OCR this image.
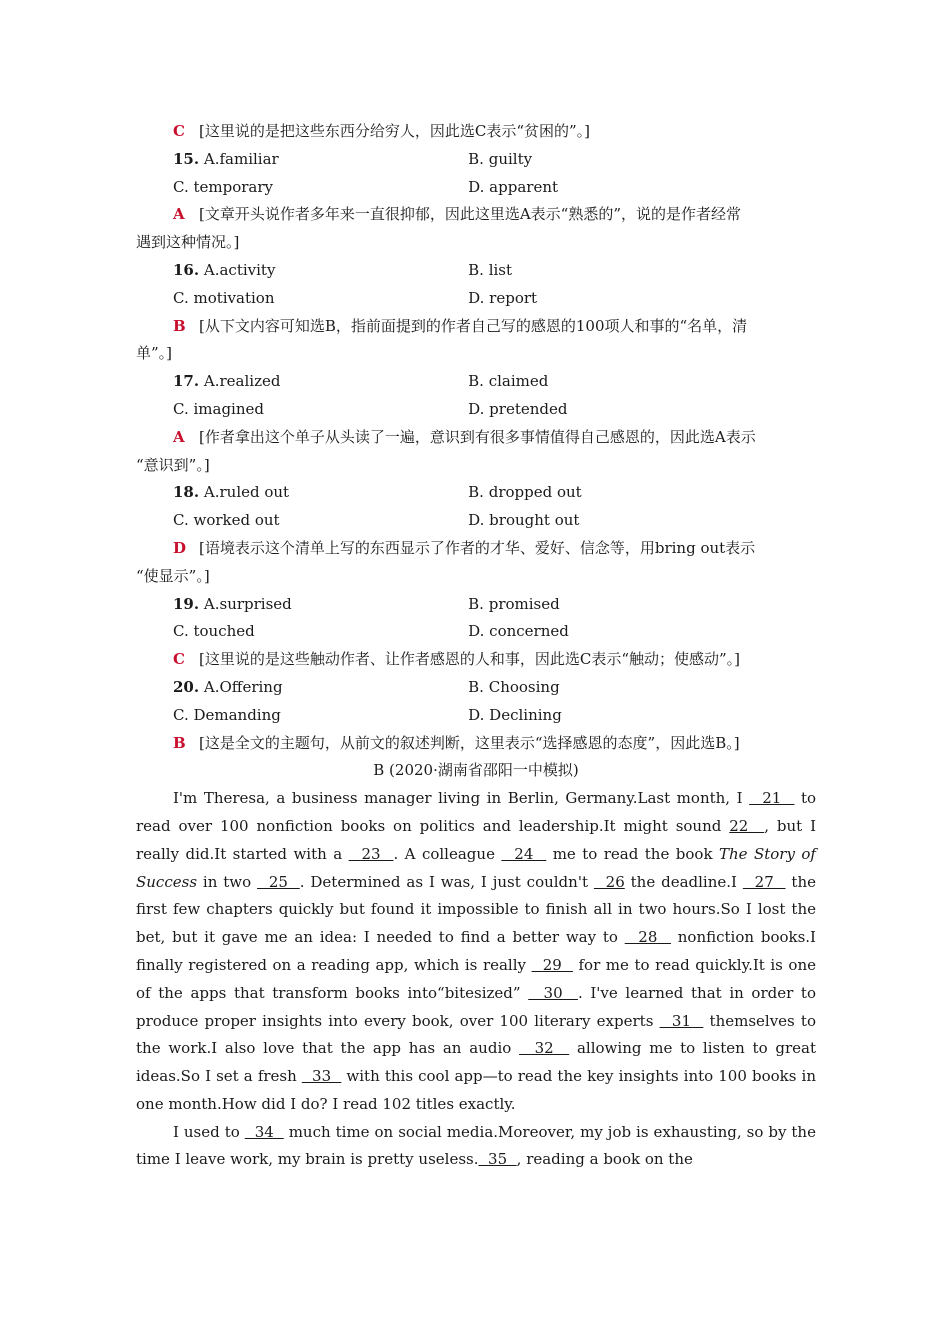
C [这里说的是把这些东西分给穷人，因此选C表示“贫困的”。]
15. A.familiar	B. guilty
C. temporary	D. apparent
A [文章开头说作者多年来一直很抑郁，因此这里选A表示“熟悉的”，说的是作者经常
遇到这种情况。]
16. A.activity	B. list
C. motivation	D. report
B [从下文内容可知选B，指前面提到的作者自己写的感恩的100项人和事的“名单，清
单”。]
17. A.realized	B. claimed
C. imagined	D. pretended
A [作者拿出这个单子从头读了一遍，意识到有很多事情值得自己感恩的，因此选A表示
“意识到”。]
18. A.ruled out	B. dropped out
C. worked out	D. brought out
D [语境表示这个清单上写的东西显示了作者的才华、爱好、信念等，用bring out表示
“使显示”。]
19. A.surprised	B. promised
C. touched	D. concerned
C [这里说的是这些触动作者、让作者感恩的人和事，因此选C表示“触动；使感动”。]
20. A.Offering	B. Choosing
C. Demanding	D. Declining
B [这是全文的主题句，从前文的叙述判断，这里表示“选择感恩的态度”，因此选B。]
B (2020·湖南省邵阳一中模拟)

I'm Theresa, a business manager living in Berlin, Germany.Last month, I   21   to read over 100 nonfiction books on politics and leadership.It might sound 22  , but I really did.It started with a   23  . A colleague   24   me to read the book The Story of Success in two   25  . Determined as I was, I just couldn't   26 the deadline.I   27   the first few chapters quickly but found it impossible to finish all in two hours.So I lost the bet, but it gave me an idea: I needed to find a better way to   28   nonfiction books.I finally registered on a reading app, which is really   29   for me to read quickly.It is one of the apps that transform books into“bitesized”   30  . I've learned that in order to produce proper insights into every book, over 100 literary experts   31   themselves to the work.I also love that the app has an audio   32   allowing me to listen to great ideas.So I set a fresh   33   with this cool app—to read the key insights into 100 books in one month.How did I do? I read 102 titles exactly.

I used to   34   much time on social media.Moreover, my job is exhausting, so by the time I leave work, my brain is pretty useless.  35  , reading a book on the
